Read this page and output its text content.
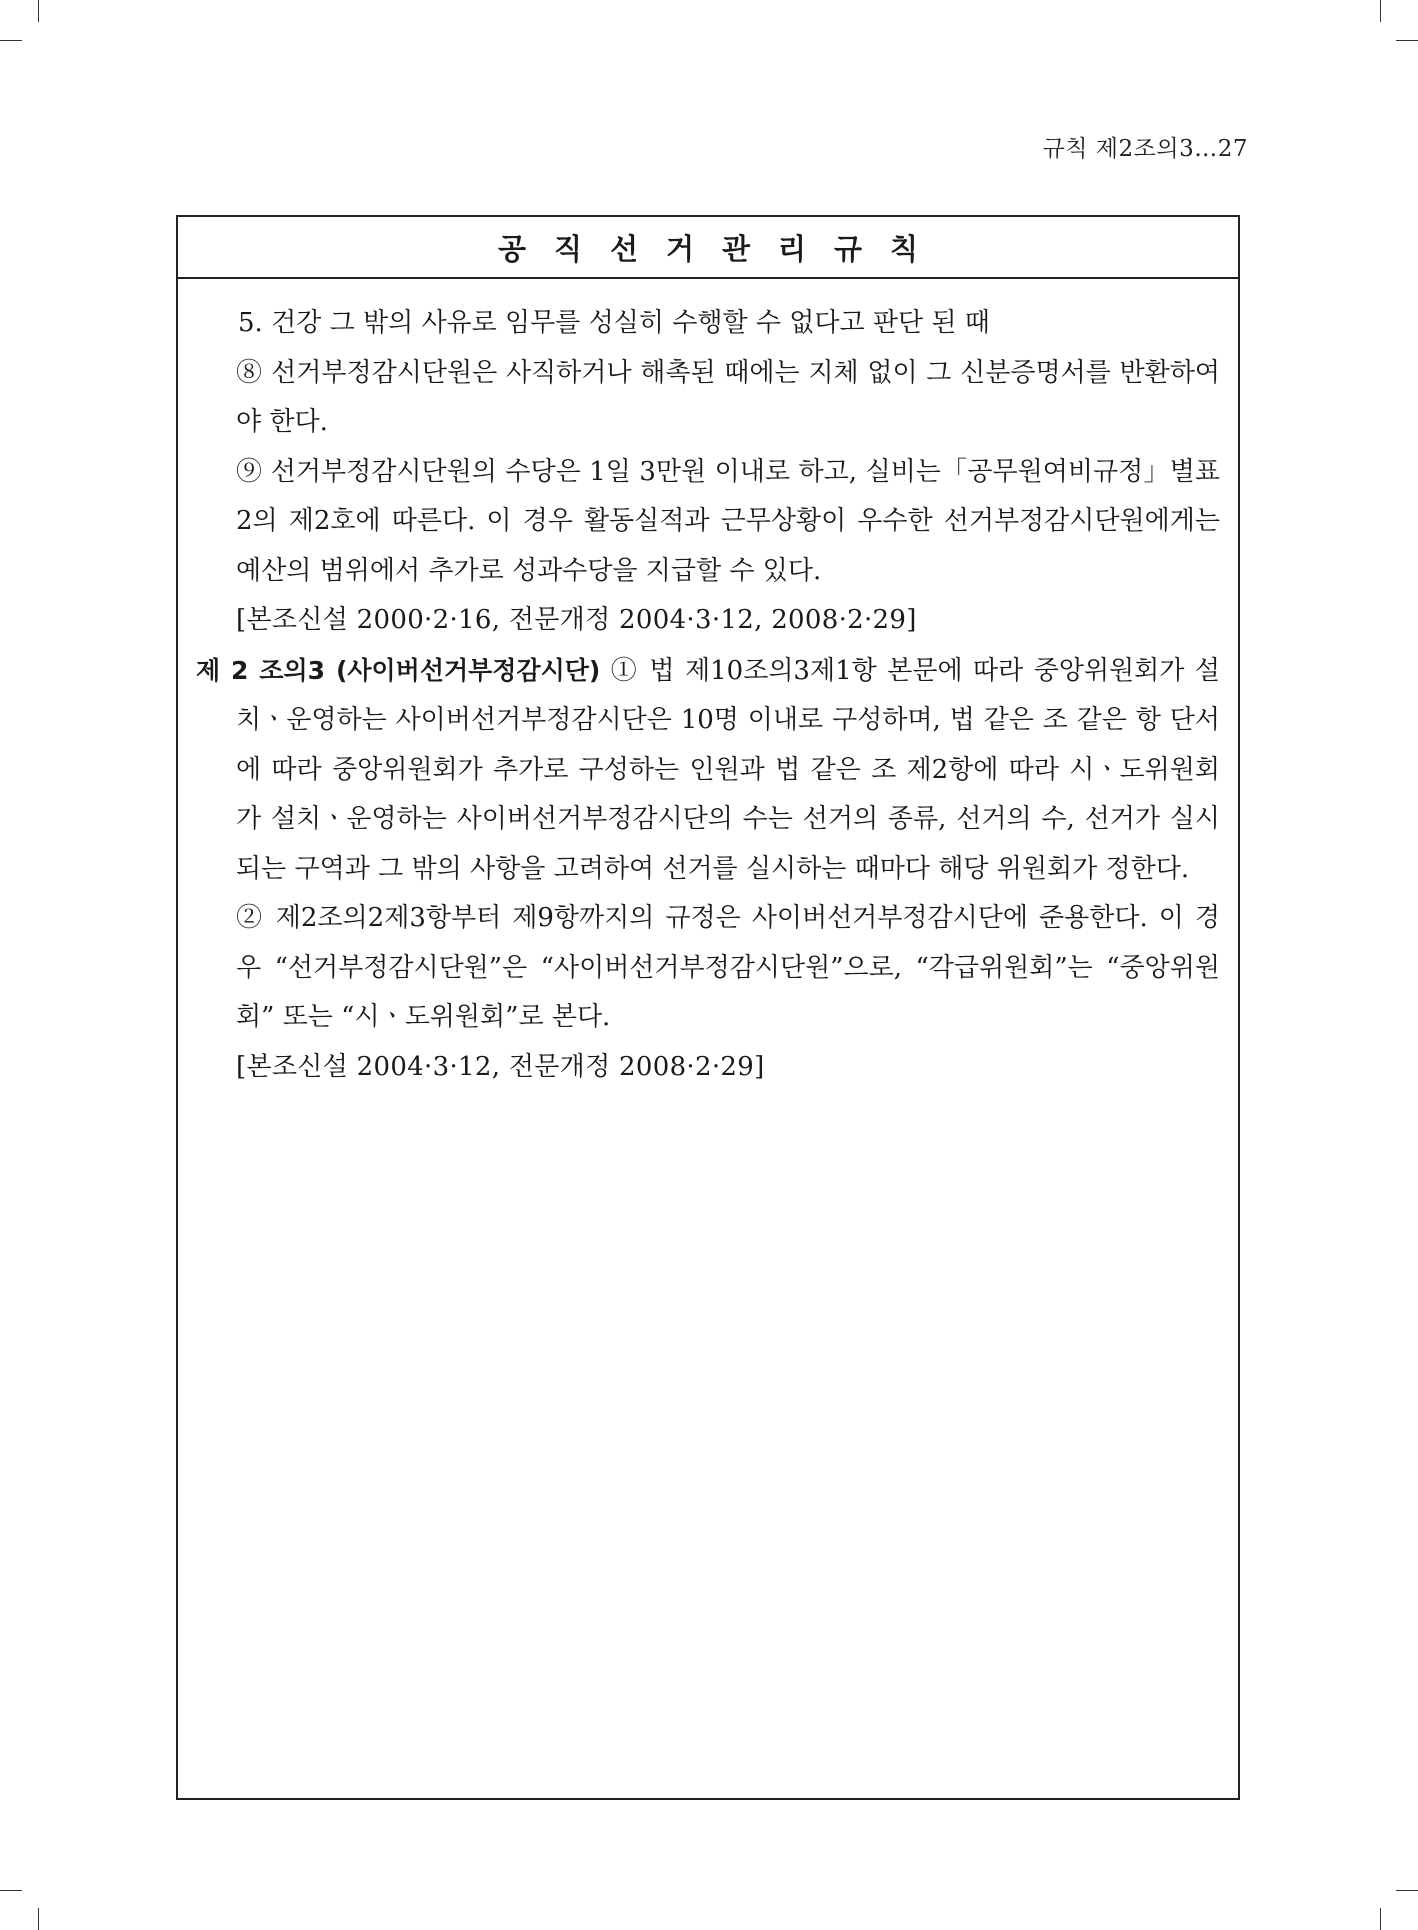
규칙 제2조의3…27
공직선거관리규칙

5. 건강 그 밖의 사유로 임무를 성실히 수행할 수 없다고 판단 된 때

⑧ 선거부정감시단원은 사직하거나 해촉된 때에는 지체 없이 그 신분증명서를 반환하여야 한다.

⑨ 선거부정감시단원의 수당은 1일 3만원 이내로 하고, 실비는「공무원여비규정」별표2의 제2호에 따른다. 이 경우 활동실적과 근무상황이 우수한 선거부정감시단원에게는 예산의 범위에서 추가로 성과수당을 지급할 수 있다.

[본조신설 2000·2·16, 전문개정 2004·3·12, 2008·2·29]

제 2 조의3 (사이버선거부정감시단) ① 법 제10조의3제1항 본문에 따라 중앙위원회가 설치ㆍ운영하는 사이버선거부정감시단은 10명 이내로 구성하며, 법 같은 조 같은 항 단서에 따라 중앙위원회가 추가로 구성하는 인원과 법 같은 조 제2항에 따라 시ㆍ도위원회가 설치ㆍ운영하는 사이버선거부정감시단의 수는 선거의 종류, 선거의 수, 선거가 실시되는 구역과 그 밖의 사항을 고려하여 선거를 실시하는 때마다 해당 위원회가 정한다.

② 제2조의2제3항부터 제9항까지의 규정은 사이버선거부정감시단에 준용한다. 이 경우 “선거부정감시단원”은 “사이버선거부정감시단원”으로, “각급위원회”는 “중앙위원회” 또는 “시ㆍ도위원회”로 본다.

[본조신설 2004·3·12, 전문개정 2008·2·29]
